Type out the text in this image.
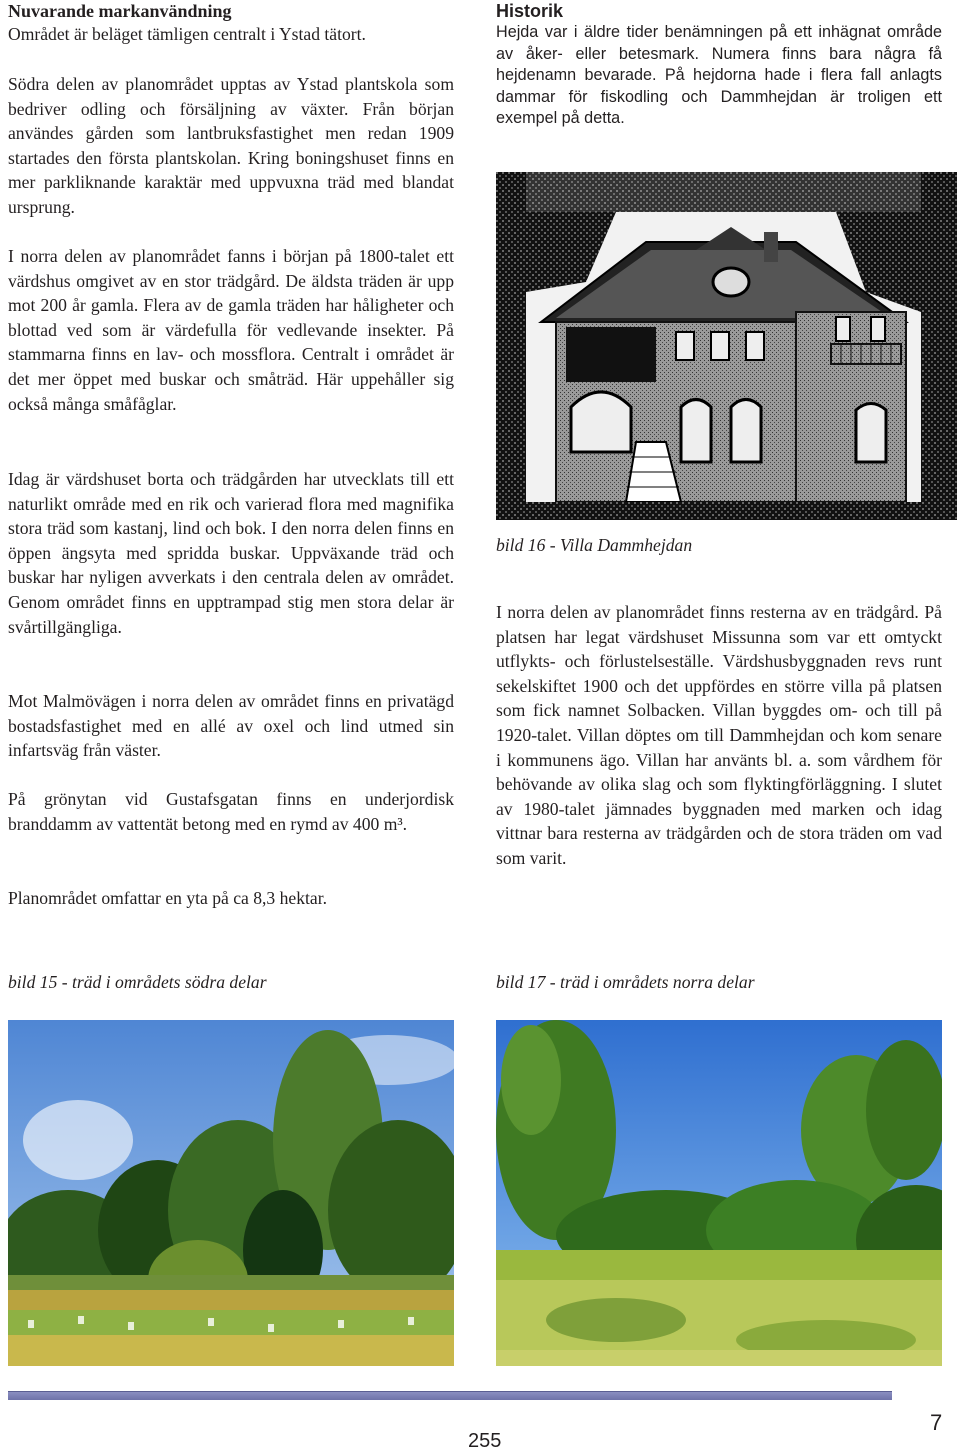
Nuvarande markanvändning

Området är beläget tämligen centralt i Ystad tätort.

Södra delen av planområdet upptas av Ystad plantskola som bedriver odling och försäljning av växter. Från början användes gården som lantbruksfastighet men redan 1909 startades den första plantskolan. Kring boningshuset finns en mer parkliknande karaktär med uppvuxna träd med blandat ursprung.

I norra delen av planområdet fanns i början på 1800-talet ett värdshus omgivet av en stor trädgård. De äldsta träden är upp mot 200 år gamla. Flera av de gamla träden har håligheter och blottad ved som är värdefulla för vedlevande insekter. På stammarna finns en lav- och mossflora. Centralt i området är det mer öppet med buskar och småträd. Här uppehåller sig också många småfåglar.

Idag är värdshuset borta och trädgården har utvecklats till ett naturlikt område med en rik och varierad flora med magnifika stora träd som kastanj, lind och bok. I den norra delen finns en öppen ängsyta med spridda buskar. Uppväxande träd och buskar har nyligen avverkats i den centrala delen av området. Genom området finns en upptrampad stig men stora delar är svårtillgängliga.

Mot Malmövägen i norra delen av området finns en privatägd bostadsfastighet med en allé av oxel och lind utmed sin infartsväg från väster.

På grönytan vid Gustafsgatan finns en underjordisk branddamm av vattentät betong med en rymd av 400 m³.

Planområdet omfattar en yta på ca 8,3 hektar.

bild 15 - träd i områdets södra delar

Historik

Hejda var i äldre tider benämningen på ett inhägnat område av åker- eller betesmark. Numera finns bara några få hejdenamn bevarade. På hejdorna hade i flera fall anlagts dammar för fiskodling och Dammhejdan är troligen ett exempel på detta.

bild 16 - Villa Dammhejdan

I norra delen av planområdet finns resterna av en trädgård. På platsen har legat värdshuset Missunna som var ett omtyckt utflykts- och förlustelseställe. Värdshusbyggnaden revs runt sekelskiftet 1900 och det uppfördes en större villa på platsen som fick namnet Solbacken. Villan byggdes om- och till på 1920-talet. Villan döptes om till Dammhejdan och kom senare i kommunens ägo. Villan har använts bl. a. som vårdhem för behövande av olika slag och som flyktingförläggning. I slutet av 1980-talet jämnades byggnaden med marken och idag vittnar bara resterna av trädgården och de stora träden om vad som varit.

bild 17 - träd i områdets norra delar

7
255
